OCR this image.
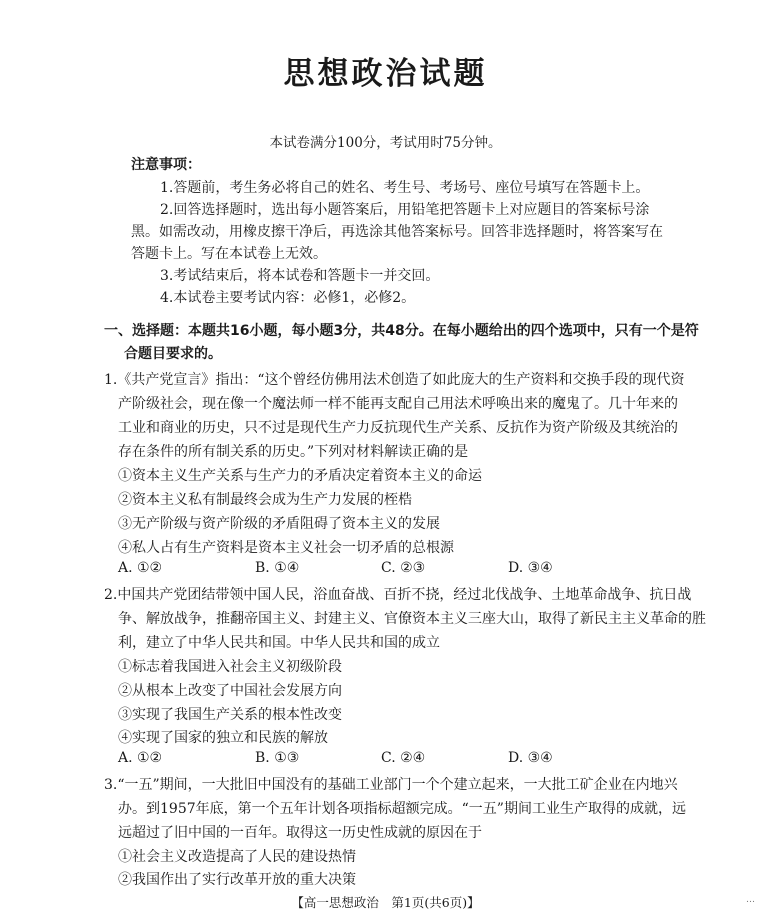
思想政治试题
本试卷满分100分，考试用时75分钟。
注意事项：
1.答题前，考生务必将自己的姓名、考生号、考场号、座位号填写在答题卡上。
2.回答选择题时，选出每小题答案后，用铅笔把答题卡上对应题目的答案标号涂
黑。如需改动，用橡皮擦干净后，再选涂其他答案标号。回答非选择题时，将答案写在
答题卡上。写在本试卷上无效。
3.考试结束后，将本试卷和答题卡一并交回。
4.本试卷主要考试内容：必修1，必修2。
一、选择题：本题共16小题，每小题3分，共48分。在每小题给出的四个选项中，只有一个是符
合题目要求的。
1.《共产党宣言》指出：“这个曾经仿佛用法术创造了如此庞大的生产资料和交换手段的现代资
产阶级社会，现在像一个魔法师一样不能再支配自己用法术呼唤出来的魔鬼了。几十年来的
工业和商业的历史，只不过是现代生产力反抗现代生产关系、反抗作为资产阶级及其统治的
存在条件的所有制关系的历史。”下列对材料解读正确的是
①资本主义生产关系与生产力的矛盾决定着资本主义的命运
②资本主义私有制最终会成为生产力发展的桎梏
③无产阶级与资产阶级的矛盾阻碍了资本主义的发展
④私人占有生产资料是资本主义社会一切矛盾的总根源
A. ①②	B. ①④	C. ②③	D. ③④
2.中国共产党团结带领中国人民，浴血奋战、百折不挠，经过北伐战争、土地革命战争、抗日战
争、解放战争，推翻帝国主义、封建主义、官僚资本主义三座大山，取得了新民主主义革命的胜
利，建立了中华人民共和国。中华人民共和国的成立
①标志着我国进入社会主义初级阶段
②从根本上改变了中国社会发展方向
③实现了我国生产关系的根本性改变
④实现了国家的独立和民族的解放
A. ①②	B. ①③	C. ②④	D. ③④
3.“一五”期间，一大批旧中国没有的基础工业部门一个个建立起来，一大批工矿企业在内地兴
办。到1957年底，第一个五年计划各项指标超额完成。“一五”期间工业生产取得的成就，远
远超过了旧中国的一百年。取得这一历史性成就的原因在于
①社会主义改造提高了人民的建设热情
②我国作出了实行改革开放的重大决策
【高一思想政治　第1页(共6页)】	…
